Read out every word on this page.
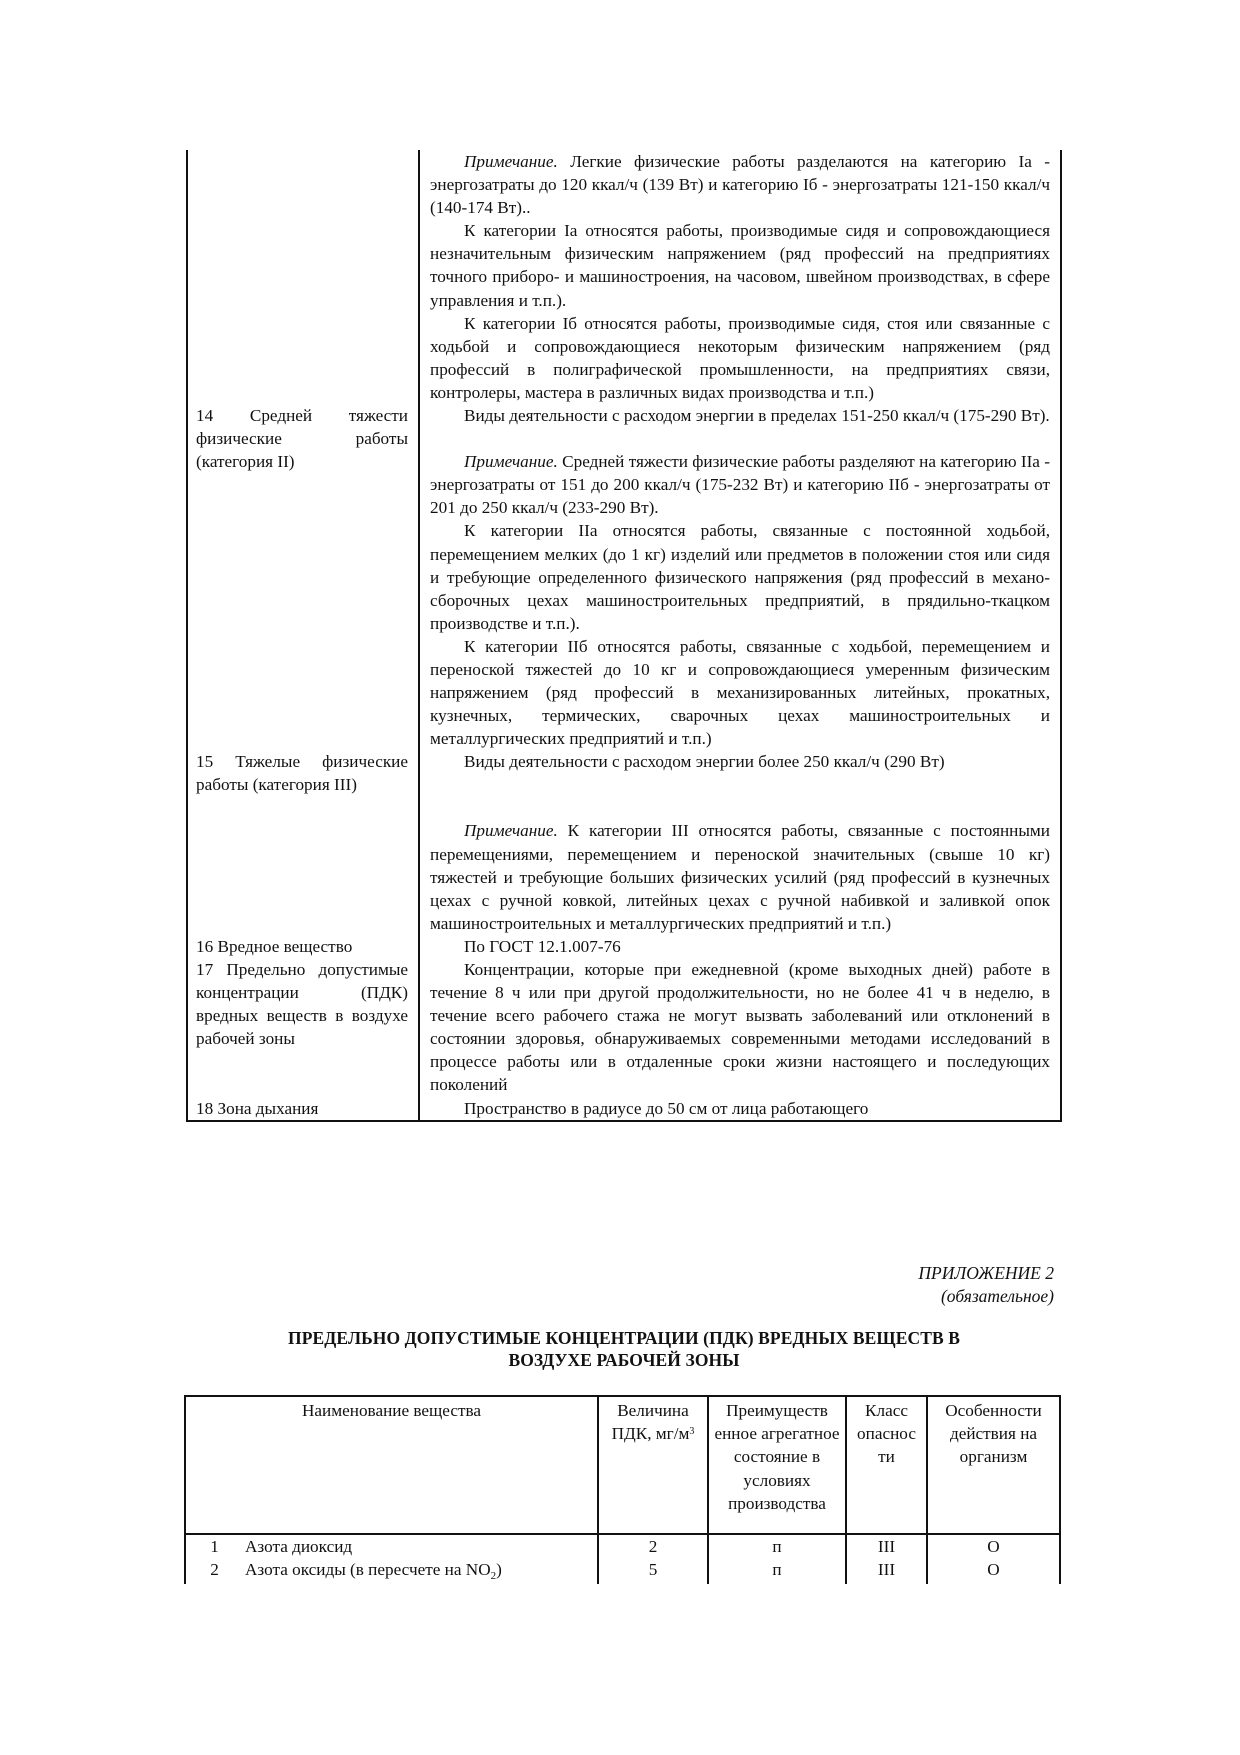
	Примечание. Легкие физические работы разделаются на категорию Iа - энергозатраты до 120 ккал/ч (139 Вт) и категорию Iб - энергозатраты 121-150 ккал/ч (140-174 Вт)..

К категории Iа относятся работы, производимые сидя и сопровождающиеся незначительным физическим напряжением (ряд профессий на предприятиях точного приборо- и машиностроения, на часовом, швейном производствах, в сфере управления и т.п.).

К категории Iб относятся работы, производимые сидя, стоя или связанные с ходьбой и сопровождающиеся некоторым физическим напряжением (ряд профессий в полиграфической промышленности, на предприятиях связи, контролеры, мастера в различных видах производства и т.п.)

14 Средней тяжести физические работы (категория II)	Виды деятельности с расходом энергии в пределах 151-250 ккал/ч (175-290 Вт).

Примечание. Средней тяжести физические работы разделяют на категорию IIа - энергозатраты от 151 до 200 ккал/ч (175-232 Вт) и категорию IIб - энергозатраты от 201 до 250 ккал/ч (233-290 Вт).

К категории IIа относятся работы, связанные с постоянной ходьбой, перемещением мелких (до 1 кг) изделий или предметов в положении стоя или сидя и требующие определенного физического напряжения (ряд профессий в механо-сборочных цехах машиностроительных предприятий, в прядильно-ткацком производстве и т.п.).

К категории IIб относятся работы, связанные с ходьбой, перемещением и переноской тяжестей до 10 кг и сопровождающиеся умеренным физическим напряжением (ряд профессий в механизированных литейных, прокатных, кузнечных, термических, сварочных цехах машиностроительных и металлургических предприятий и т.п.)

15 Тяжелые физические работы (категория III)	Виды деятельности с расходом энергии более 250 ккал/ч (290 Вт)

Примечание. К категории III относятся работы, связанные с постоянными перемещениями, перемещением и переноской значительных (свыше 10 кг) тяжестей и требующие больших физических усилий (ряд профессий в кузнечных цехах с ручной ковкой, литейных цехах с ручной набивкой и заливкой опок машиностроительных и металлургических предприятий и т.п.)

16 Вредное вещество	По ГОСТ 12.1.007-76

17 Предельно допустимые концентрации (ПДК) вредных веществ в воздухе рабочей зоны	Концентрации, которые при ежедневной (кроме выходных дней) работе в течение 8 ч или при другой продолжительности, но не более 41 ч в неделю, в течение всего рабочего стажа не могут вызвать заболеваний или отклонений в состоянии здоровья, обнаруживаемых современными методами исследований в процессе работы или в отдаленные сроки жизни настоящего и последующих поколений

18 Зона дыхания	Пространство в радиусе до 50 см от лица работающего

ПРИЛОЖЕНИЕ 2
(обязательное)
ПРЕДЕЛЬНО ДОПУСТИМЫЕ КОНЦЕНТРАЦИИ (ПДК) ВРЕДНЫХ ВЕЩЕСТВ В
ВОЗДУХЕ РАБОЧЕЙ ЗОНЫ
Наименование вещества		Величина ПДК, $мг/м^3$	Преимуществ енное агрегатное состояние в условиях производства	Класс опаснос ти	Особенности действия на организм
1	Азота диоксид	2	п	III	О
2	Азота оксиды (в пересчете на $NO_2$)	5	п	III	О
